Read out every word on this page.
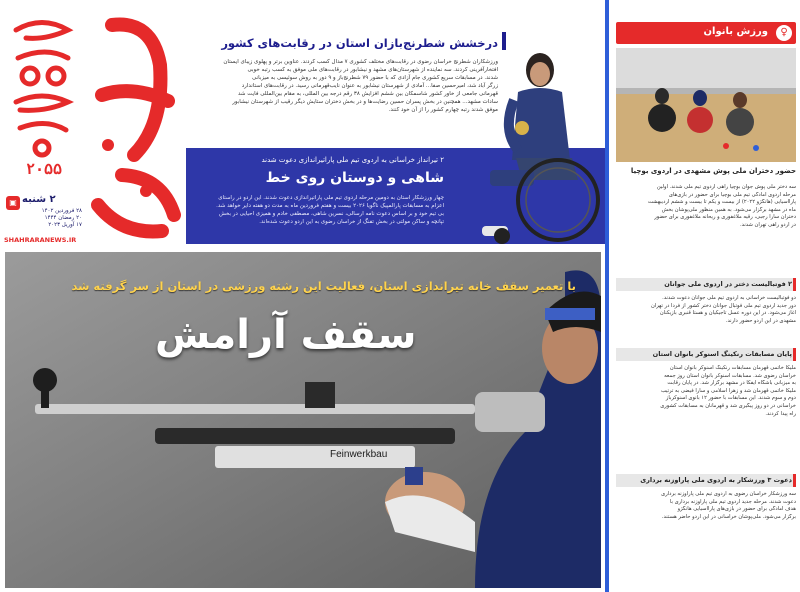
۲۰۵۵
▣ ۲ شنبه
۲۸ فروردین ۱۴۰۲
۲۰ رمضان ۱۴۴۴
۱۷ آوریل ۲۰۲۳
SHAHRARANEWS.IR
درخشش شطرنج‌بازان استان در رقابت‌های کشور

ورزشکاران شطرنج خراسان رضوی در رقابت‌های مختلف کشوری ۷ مدال کسب کردند. عناوین برتر و پهلوی زیبای ایستان

افتخارآفرینی کردند. سه نماینده از شهرستان‌های مشهد و نیشابور در رقابت‌های ملی موفق به کسب رتبه خوبی

شدند. در مسابقات سریع کشوری جام آزادی که با حضور ۷۹ شطرنج‌باز و ۹ دور به روش سوئیسی به میزبانی

زرگر آباد شد، امیرحسین صفا... آمادی از شهرستان نیشابور به عنوان نایب‌قهرمانی رسید. در رقابت‌های استاندارد

قهرمانی جامعی از خاور کشور شاسمکان بین ششم افزایش ۳۸ رقم درجه بین المللی، به مقام بین‌المللی فایت شد

سادات مشهد... همچنین در بخش پسران حسین رضایت‌ها و در بخش دختران ستایش دیگر رقیب از شهرستان نیشابور

موفق شدند رتبه چهارم کشور را از آن خود کنند.

۲ تیرانداز خراسانی به اردوی تیم ملی پاراتیراندازی دعوت شدند
شاهی و دوستان روی خط

چهار ورزشکار استان به دومین مرحله اردوی تیم ملی پاراتیراندازی دعوت شدند. این اردو در راستای

اعزام به مسابقات پارالمپیک ناگویا ۲۰۲۶ بیست و هفتم فروردین ماه به مدت دو هفته دایر خواهد شد.

بی‌ تیم خود و بر اساس دعوت نامه ارسالی، نسرین شاهی، مصطفی خادم و همیزی احیایی در بخش

تپانچه و ساکن مولتی در بخش تفنگ از خراسان رضوی به این اردو دعوت شده‌اند.

با تعمیر سقف خانه تیراندازی استان، فعالیت این رشته ورزشی در استان از سر گرفته شد
سقف آرامش
Feinwerkbau
♀
ورزش بانوان
حضور دختران ملی پوش مشهدی در اردوی بوچیا

سه دختر ملی پوش جوان بوچیا راهی اردوی تیم ملی شدند. اولین

مرحله اردوی آمادگی تیم ملی بوچیا برای حضور در بازی‌های

پاراآسیایی (هانگژو ۲۰۲۲) از بیست و یکم تا بیست و ششم اردیبهشت

ماه در مشهد برگزار می‌شود. به همین منظور ملی‌پوشان بخش

دختران سارا رجبی، رقیه ملاغفوری و ریحانه ملاغفوری برای حضور

در اردو راهی تهران شدند.

۲ فوتبالیست دختر در اردوی ملی جوانان

دو فوتبالیست خراسانی به اردوی تیم ملی جوانان دعوت شدند.

دور جدید اردوی تیم ملی فوتبال جوانان دختر کشور از فردا در تهران

آغاز می‌شود. در این دوره عسل تاجیکیان و هستا قنبری بازیکنان

مشهدی در این اردو حضور دارند.

پایان مسابقات رنکینگ اسنوکر بانوان استان

ملیکا خاتمی قهرمان مسابقات رنکینگ اسنوکر بانوان استان

خراسان رضوی شد. مسابقات اسنوکر بانوان استان روز جمعه

به میزبانی باشگاه ایفکا در مشهد برگزار شد. در پایان رقابت

ملیکا خاتمی قهرمان شد و زهرا اسلامی و سارا فیضی به ترتیب

دوم و سوم شدند. این مسابقات با حضور ۱۲ بانوی اسنوکرباز

خراسانی در دو روز پیگیری شد و قهرمانان به مسابقات کشوری

راه پیدا کردند.

دعوت ۳ ورزشکار به اردوی ملی پاراوزنه برداری

سه ورزشکار خراسان رضوی به اردوی تیم ملی پاراوزنه برداری

دعوت شدند. مرحله جدید اردوی تیم ملی پاراوزنه برداری با

هدف آمادگی برای حضور در بازی‌های پاراآسیایی هانگژو

برگزار می‌شود. ملی‌پوشان خراسانی در این اردو حاضر هستند.
